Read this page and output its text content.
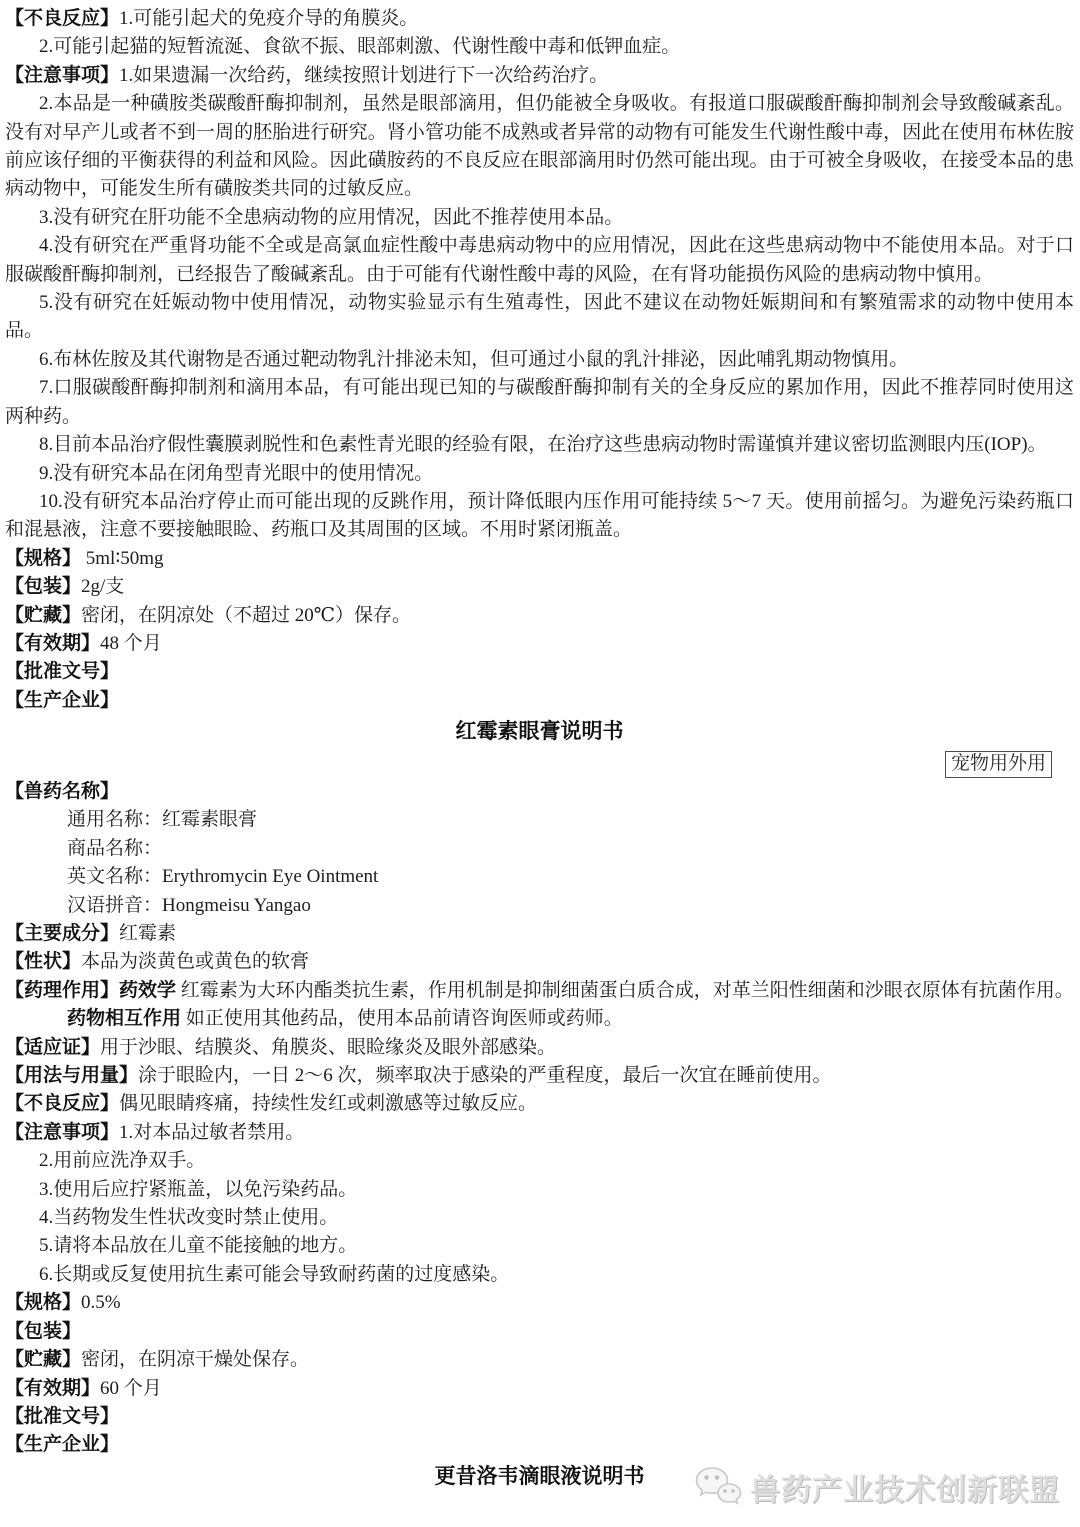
【不良反应】1.可能引起犬的免疫介导的角膜炎。

2.可能引起猫的短暂流涎、食欲不振、眼部刺激、代谢性酸中毒和低钾血症。

【注意事项】1.如果遗漏一次给药，继续按照计划进行下一次给药治疗。

2.本品是一种磺胺类碳酸酐酶抑制剂，虽然是眼部滴用，但仍能被全身吸收。有报道口服碳酸酐酶抑制剂会导致酸碱紊乱。没有对早产儿或者不到一周的胚胎进行研究。肾小管功能不成熟或者异常的动物有可能发生代谢性酸中毒，因此在使用布林佐胺前应该仔细的平衡获得的利益和风险。因此磺胺药的不良反应在眼部滴用时仍然可能出现。由于可被全身吸收，在接受本品的患病动物中，可能发生所有磺胺类共同的过敏反应。

3.没有研究在肝功能不全患病动物的应用情况，因此不推荐使用本品。

4.没有研究在严重肾功能不全或是高氯血症性酸中毒患病动物中的应用情况，因此在这些患病动物中不能使用本品。对于口服碳酸酐酶抑制剂，已经报告了酸碱紊乱。由于可能有代谢性酸中毒的风险，在有肾功能损伤风险的患病动物中慎用。

5.没有研究在妊娠动物中使用情况，动物实验显示有生殖毒性，因此不建议在动物妊娠期间和有繁殖需求的动物中使用本品。

6.布林佐胺及其代谢物是否通过靶动物乳汁排泌未知，但可通过小鼠的乳汁排泌，因此哺乳期动物慎用。

7.口服碳酸酐酶抑制剂和滴用本品，有可能出现已知的与碳酸酐酶抑制有关的全身反应的累加作用，因此不推荐同时使用这两种药。

8.目前本品治疗假性囊膜剥脱性和色素性青光眼的经验有限，在治疗这些患病动物时需谨慎并建议密切监测眼内压(IOP)。

9.没有研究本品在闭角型青光眼中的使用情况。

10.没有研究本品治疗停止而可能出现的反跳作用，预计降低眼内压作用可能持续 5～7 天。使用前摇匀。为避免污染药瓶口和混悬液，注意不要接触眼睑、药瓶口及其周围的区域。不用时紧闭瓶盖。

【规格】 5ml∶50mg

【包装】2g/支

【贮藏】密闭，在阴凉处（不超过 20℃）保存。

【有效期】48 个月

【批准文号】

【生产企业】

红霉素眼膏说明书

宠物用外用

【兽药名称】

通用名称：红霉素眼膏

商品名称：

英文名称：Erythromycin Eye Ointment

汉语拼音：Hongmeisu Yangao

【主要成分】红霉素

【性状】本品为淡黄色或黄色的软膏

【药理作用】药效学 红霉素为大环内酯类抗生素，作用机制是抑制细菌蛋白质合成，对革兰阳性细菌和沙眼衣原体有抗菌作用。

药物相互作用 如正使用其他药品，使用本品前请咨询医师或药师。

【适应证】用于沙眼、结膜炎、角膜炎、眼睑缘炎及眼外部感染。

【用法与用量】涂于眼睑内，一日 2～6 次，频率取决于感染的严重程度，最后一次宜在睡前使用。

【不良反应】偶见眼睛疼痛，持续性发红或刺激感等过敏反应。

【注意事项】1.对本品过敏者禁用。

2.用前应洗净双手。

3.使用后应拧紧瓶盖，以免污染药品。

4.当药物发生性状改变时禁止使用。

5.请将本品放在儿童不能接触的地方。

6.长期或反复使用抗生素可能会导致耐药菌的过度感染。

【规格】0.5%

【包装】

【贮藏】密闭，在阴凉干燥处保存。

【有效期】60 个月

【批准文号】

【生产企业】

更昔洛韦滴眼液说明书	兽药产业技术创新联盟
